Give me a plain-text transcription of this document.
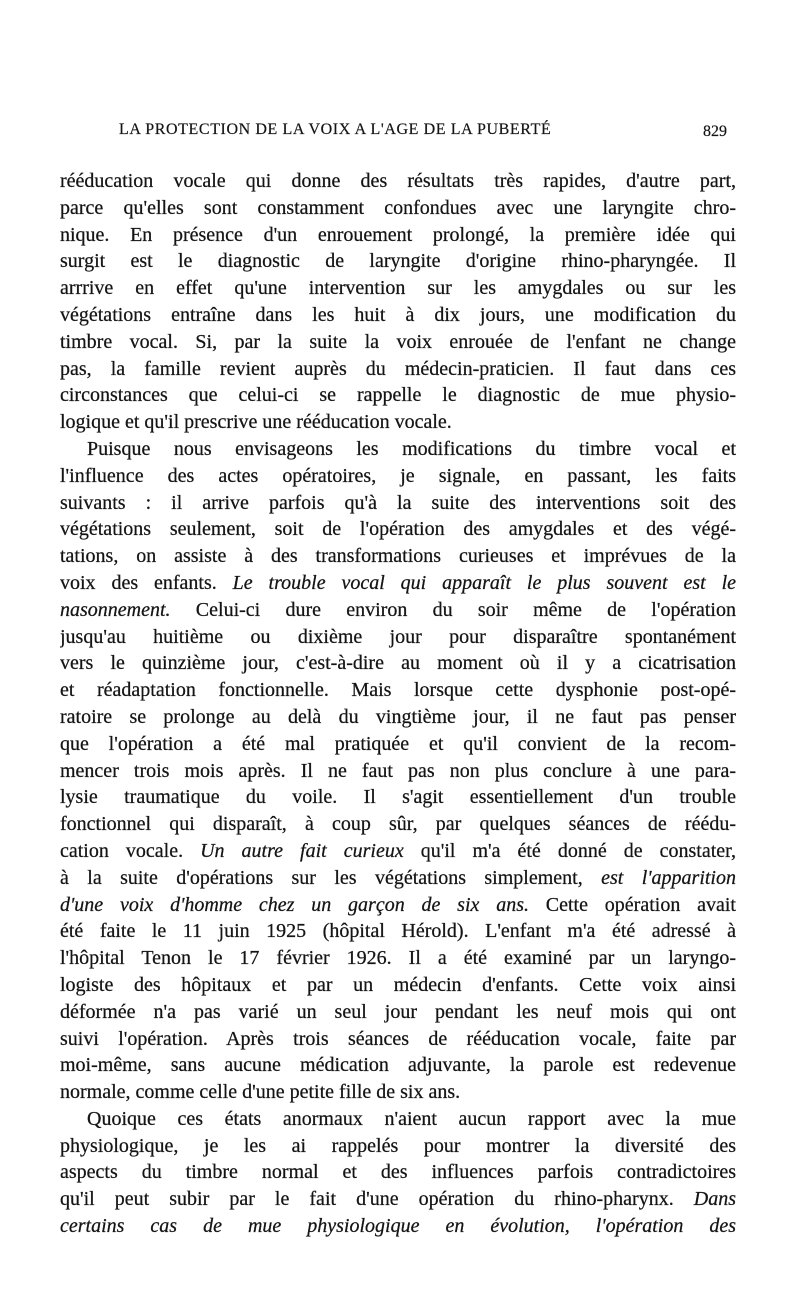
LA PROTECTION DE LA VOIX A L'AGE DE LA PUBERTÉ	829
rééducation vocale qui donne des résultats très rapides, d'autre part,
parce qu'elles sont constamment confondues avec une laryngite chro-
nique. En présence d'un enrouement prolongé, la première idée qui
surgit est le diagnostic de laryngite d'origine rhino-pharyngée. Il
arrrive en effet qu'une intervention sur les amygdales ou sur les
végétations entraîne dans les huit à dix jours, une modification du
timbre vocal. Si, par la suite la voix enrouée de l'enfant ne change
pas, la famille revient auprès du médecin-praticien. Il faut dans ces
circonstances que celui-ci se rappelle le diagnostic de mue physio-
logique et qu'il prescrive une rééducation vocale.
Puisque nous envisageons les modifications du timbre vocal et
l'influence des actes opératoires, je signale, en passant, les faits
suivants : il arrive parfois qu'à la suite des interventions soit des
végétations seulement, soit de l'opération des amygdales et des végé-
tations, on assiste à des transformations curieuses et imprévues de la
voix des enfants. Le trouble vocal qui apparaît le plus souvent est le
nasonnement. Celui-ci dure environ du soir même de l'opération
jusqu'au huitième ou dixième jour pour disparaître spontanément
vers le quinzième jour, c'est-à-dire au moment où il y a cicatrisation
et réadaptation fonctionnelle. Mais lorsque cette dysphonie post-opé-
ratoire se prolonge au delà du vingtième jour, il ne faut pas penser
que l'opération a été mal pratiquée et qu'il convient de la recom-
mencer trois mois après. Il ne faut pas non plus conclure à une para-
lysie traumatique du voile. Il s'agit essentiellement d'un trouble
fonctionnel qui disparaît, à coup sûr, par quelques séances de réédu-
cation vocale. Un autre fait curieux qu'il m'a été donné de constater,
à la suite d'opérations sur les végétations simplement, est l'apparition
d'une voix d'homme chez un garçon de six ans. Cette opération avait
été faite le 11 juin 1925 (hôpital Hérold). L'enfant m'a été adressé à
l'hôpital Tenon le 17 février 1926. Il a été examiné par un laryngo-
logiste des hôpitaux et par un médecin d'enfants. Cette voix ainsi
déformée n'a pas varié un seul jour pendant les neuf mois qui ont
suivi l'opération. Après trois séances de rééducation vocale, faite par
moi-même, sans aucune médication adjuvante, la parole est redevenue
normale, comme celle d'une petite fille de six ans.
Quoique ces états anormaux n'aient aucun rapport avec la mue
physiologique, je les ai rappelés pour montrer la diversité des
aspects du timbre normal et des influences parfois contradictoires
qu'il peut subir par le fait d'une opération du rhino-pharynx. Dans
certains cas de mue physiologique en évolution, l'opération des
